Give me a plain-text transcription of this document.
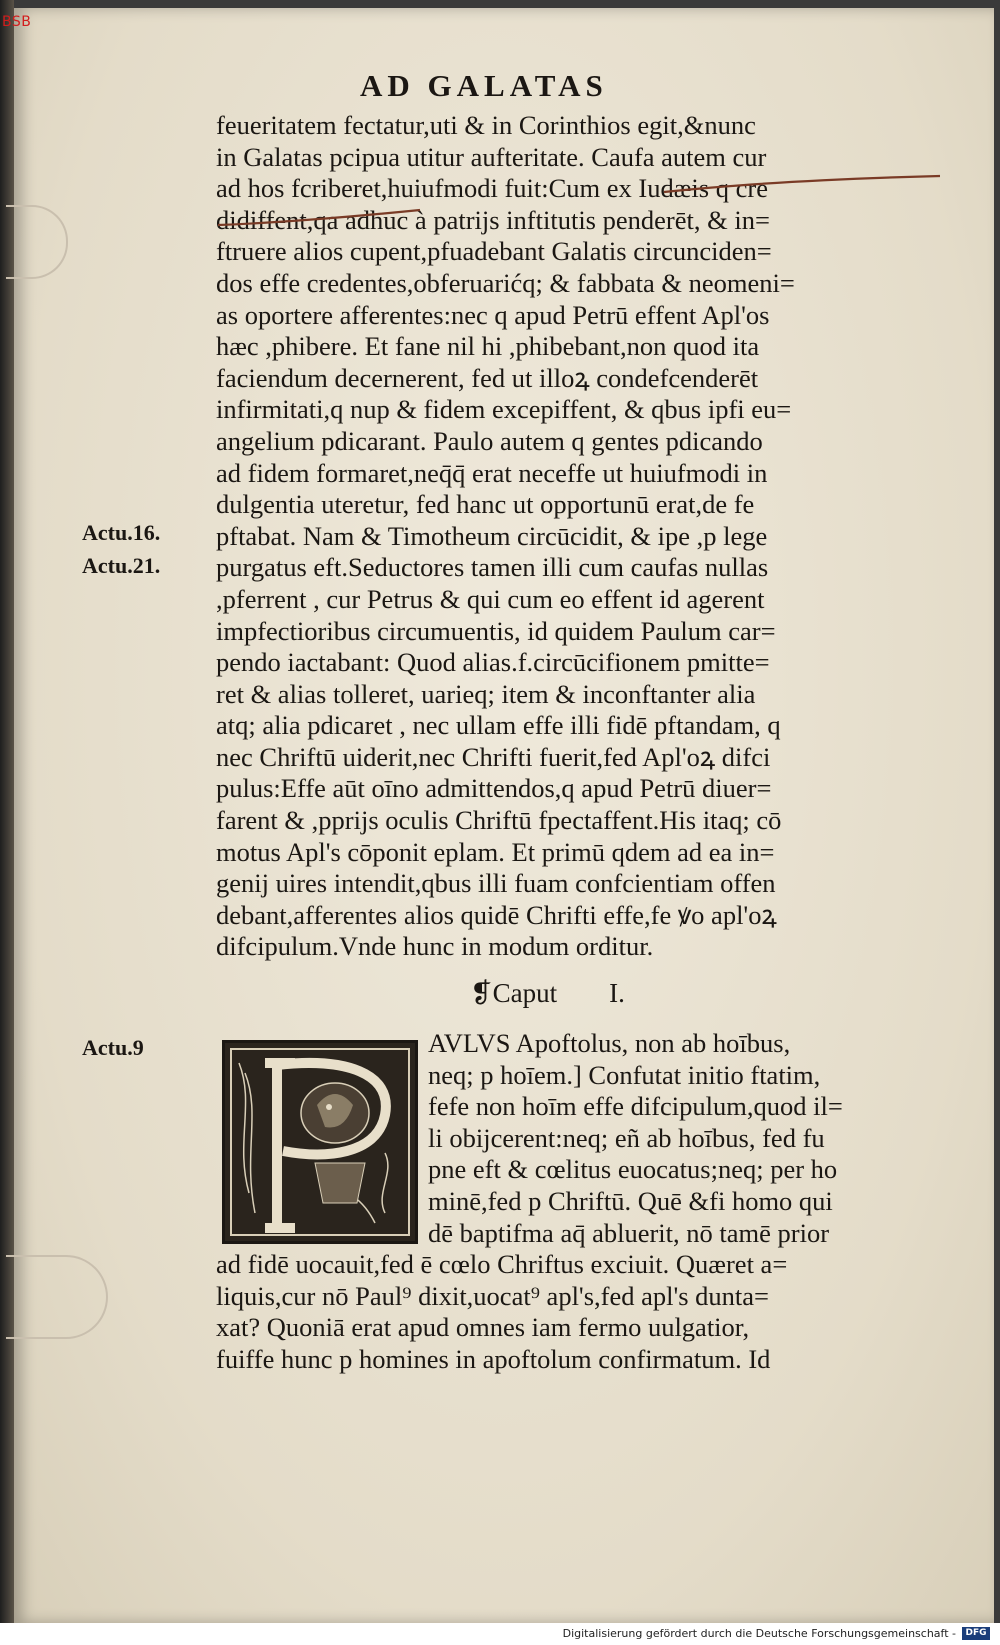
BSB
AD GALATAS
feueritatem fectatur,uti & in Corinthios egit,&nunc
in Galatas pcipua utitur aufteritate. Caufa autem cur
ad hos fcriberet,huiufmodi fuit:Cum ex Iudæis q cre
didiffent,qa adhuc à patrijs inftitutis penderēt, & in=
ftruere alios cupent,pfuadebant Galatis circunciden=
dos effe credentes,obferuarićq; & fabbata & neomeni=
as oportere afferentes:nec q apud Petrū effent Apl'os
hæc ,phibere. Et fane nil hi ,phibebant,non quod ita
faciendum decernerent, fed ut illoꝝ condefcenderēt
infirmitati,q nup & fidem excepiffent, & qbus ipfi eu=
angelium pdicarant. Paulo autem q gentes pdicando
ad fidem formaret,neq̄q̄ erat neceffe ut huiufmodi in
dulgentia uteretur, fed hanc ut opportunū erat,de fe
pftabat. Nam & Timotheum circūcidit, & ipe ,p lege
purgatus eft.Seductores tamen illi cum caufas nullas
,pferrent , cur Petrus & qui cum eo effent id agerent
impfectioribus circumuentis, id quidem Paulum car=
pendo iactabant: Quod alias.f.circūcifionem pmitte=
ret & alias tolleret, uarieq; item & inconftanter alia
atq; alia pdicaret , nec ullam effe illi fidē pftandam, q
nec Chriftū uiderit,nec Chrifti fuerit,fed Apl'oꝝ difci
pulus:Effe aūt oīno admittendos,q apud Petrū diuer=
farent & ,pprijs oculis Chriftū fpectaffent.His itaq; cō
motus Apl's cōponit eplam. Et primū qdem ad ea in=
genij uires intendit,qbus illi fuam confcientiam offen
debant,afferentes alios quidē Chrifti effe,fe ꝟo apl'oꝝ
difcipulum.Vnde hunc in modum orditur.
Actu.16.
Actu.21.
Actu.9
❡Caput I.
AVLVS Apoftolus, non ab hoībus,
neq; p hoīem.] Confutat initio ftatim,
fefe non hoīm effe difcipulum,quod il=
li obijcerent:neq; eñ ab hoībus, fed fu
pne eft & cœlitus euocatus;neq; per ho
minē,fed p Chriftū. Quē &fi homo qui
dē baptifma aq̄ abluerit, nō tamē prior
ad fidē uocauit,fed ē cœlo Chriftus exciuit. Quæret a=
liquis,cur nō Paul⁹ dixit,uocat⁹ apl's,fed apl's duntа=
xat? Quoniā erat apud omnes iam fermo uulgatior,
fuiffe hunc p homines in apoftolum confirmatum. Id
Digitalisierung gefördert durch die Deutsche Forschungsgemeinschaft -	DFG
